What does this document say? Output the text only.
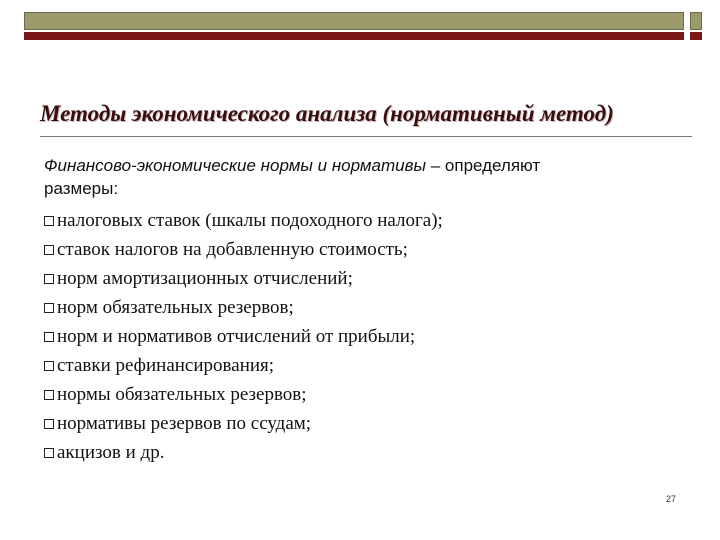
Методы экономического анализа (нормативный метод)

Финансово-экономические нормы и нормативы – определяют
размеры:

налоговых ставок (шкалы подоходного налога);
ставок налогов на добавленную стоимость;
норм амортизационных отчислений;
норм обязательных резервов;
норм и нормативов отчислений от прибыли;
ставки рефинансирования;
нормы обязательных резервов;
нормативы резервов по ссудам;
акцизов и др.
27
